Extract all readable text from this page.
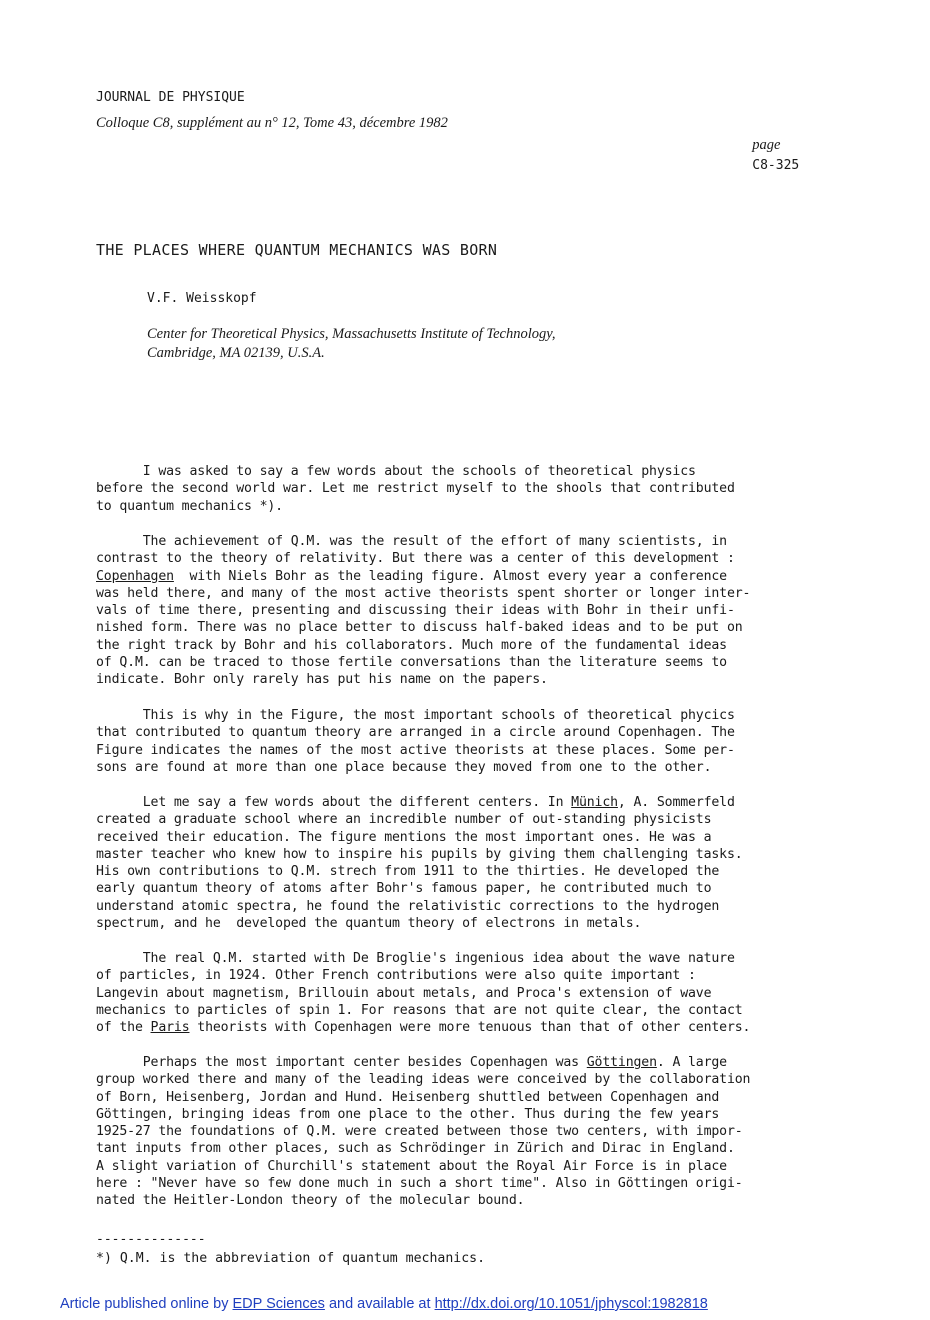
JOURNAL DE PHYSIQUE
Colloque C8, supplément au n° 12, Tome 43, décembre 1982

page
C8-325

THE PLACES WHERE QUANTUM MECHANICS WAS BORN
V.F. Weisskopf
Center for Theoretical Physics, Massachusetts Institute of Technology,
Cambridge, MA 02139, U.S.A.
I was asked to say a few words about the schools of theoretical physics
before the second world war. Let me restrict myself to the shools that contributed
to quantum mechanics *).
The achievement of Q.M. was the result of the effort of many scientists, in
contrast to the theory of relativity. But there was a center of this development :
Copenhagen  with Niels Bohr as the leading figure. Almost every year a conference
was held there, and many of the most active theorists spent shorter or longer inter-
vals of time there, presenting and discussing their ideas with Bohr in their unfi-
nished form. There was no place better to discuss half-baked ideas and to be put on
the right track by Bohr and his collaborators. Much more of the fundamental ideas
of Q.M. can be traced to those fertile conversations than the literature seems to
indicate. Bohr only rarely has put his name on the papers.
This is why in the Figure, the most important schools of theoretical phycics
that contributed to quantum theory are arranged in a circle around Copenhagen. The
Figure indicates the names of the most active theorists at these places. Some per-
sons are found at more than one place because they moved from one to the other.
Let me say a few words about the different centers. In Münich, A. Sommerfeld
created a graduate school where an incredible number of out-standing physicists
received their education. The figure mentions the most important ones. He was a
master teacher who knew how to inspire his pupils by giving them challenging tasks.
His own contributions to Q.M. strech from 1911 to the thirties. He developed the
early quantum theory of atoms after Bohr's famous paper, he contributed much to
understand atomic spectra, he found the relativistic corrections to the hydrogen
spectrum, and he  developed the quantum theory of electrons in metals.
The real Q.M. started with De Broglie's ingenious idea about the wave nature
of particles, in 1924. Other French contributions were also quite important :
Langevin about magnetism, Brillouin about metals, and Proca's extension of wave
mechanics to particles of spin 1. For reasons that are not quite clear, the contact
of the Paris theorists with Copenhagen were more tenuous than that of other centers.
Perhaps the most important center besides Copenhagen was Göttingen. A large
group worked there and many of the leading ideas were conceived by the collaboration
of Born, Heisenberg, Jordan and Hund. Heisenberg shuttled between Copenhagen and
Göttingen, bringing ideas from one place to the other. Thus during the few years
1925-27 the foundations of Q.M. were created between those two centers, with impor-
tant inputs from other places, such as Schrödinger in Zürich and Dirac in England.
A slight variation of Churchill's statement about the Royal Air Force is in place
here : "Never have so few done much in such a short time". Also in Göttingen origi-
nated the Heitler-London theory of the molecular bound.
--------------
*) Q.M. is the abbreviation of quantum mechanics.
Article published online by EDP Sciences and available at http://dx.doi.org/10.1051/jphyscol:1982818
